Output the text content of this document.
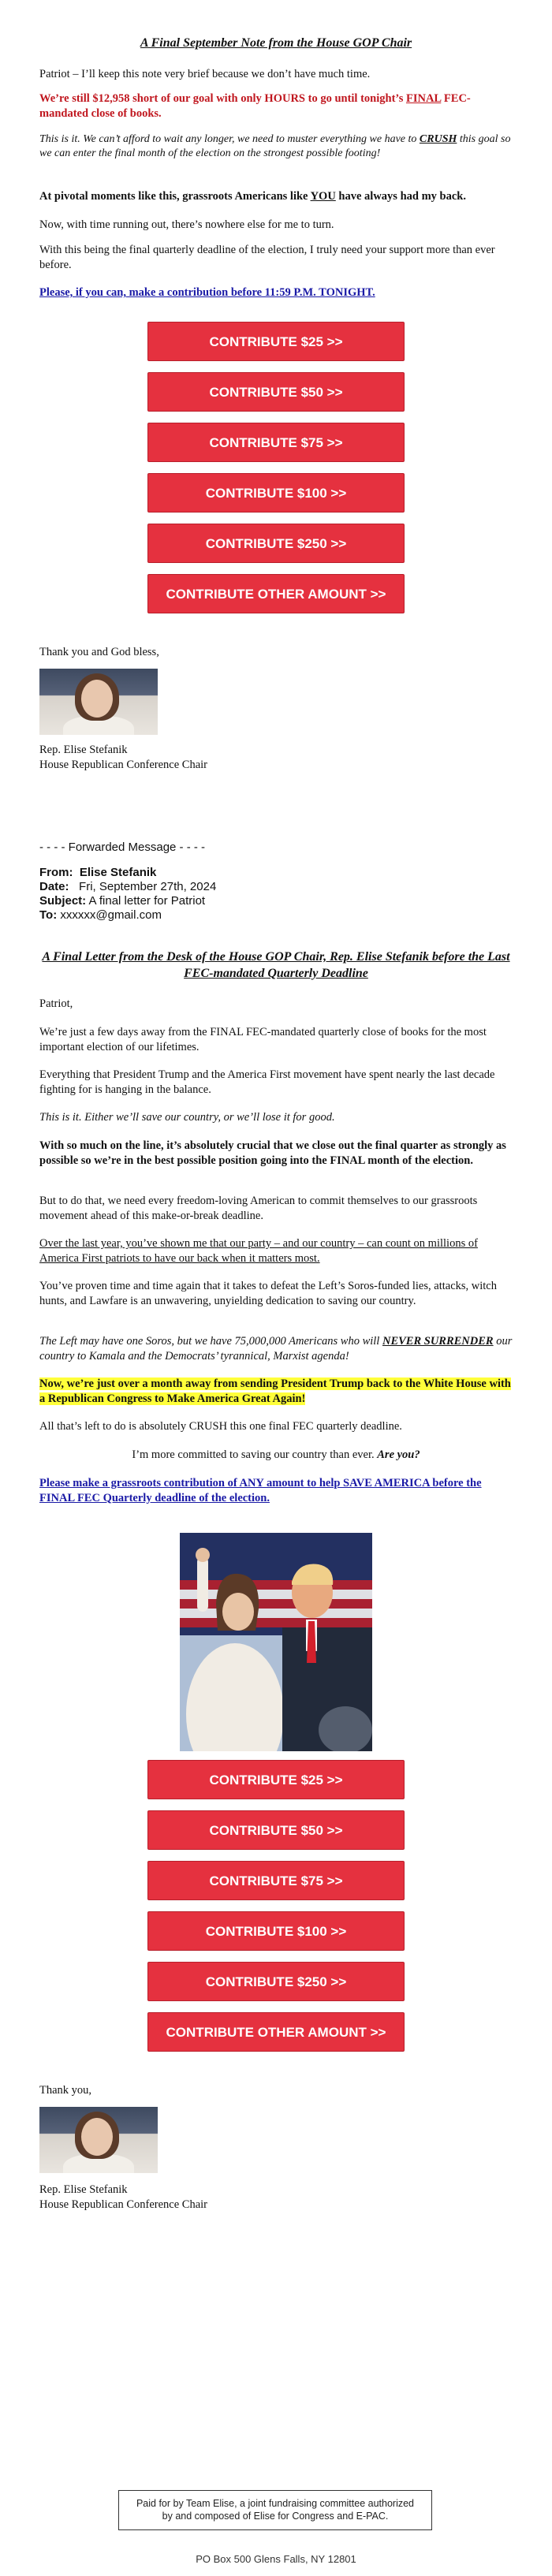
A Final September Note from the House GOP Chair

Patriot – I’ll keep this note very brief because we don’t have much time.

We’re still $12,958 short of our goal with only HOURS to go until tonight’s FINAL FEC-mandated close of books.

This is it. We can’t afford to wait any longer, we need to muster everything we have to CRUSH this goal so we can enter the final month of the election on the strongest possible footing!

At pivotal moments like this, grassroots Americans like YOU have always had my back.

Now, with time running out, there’s nowhere else for me to turn.

With this being the final quarterly deadline of the election, I truly need your support more than ever before.

Please, if you can, make a contribution before 11:59 P.M. TONIGHT.
CONTRIBUTE $25 >>
CONTRIBUTE $50 >>
CONTRIBUTE $75 >>
CONTRIBUTE $100 >>
CONTRIBUTE $250 >>
CONTRIBUTE OTHER AMOUNT >>

Thank you and God bless,

Rep. Elise Stefanik

House Republican Conference Chair

- - - - Forwarded Message - - - -

From: Elise Stefanik

Date: Fri, September 27th, 2024

Subject: A final letter for Patriot

To: xxxxxx@gmail.com

A Final Letter from the Desk of the House GOP Chair, Rep. Elise Stefanik before the Last FEC-mandated Quarterly Deadline

Patriot,

We’re just a few days away from the FINAL FEC-mandated quarterly close of books for the most important election of our lifetimes.

Everything that President Trump and the America First movement have spent nearly the last decade fighting for is hanging in the balance.

This is it. Either we’ll save our country, or we’ll lose it for good.

With so much on the line, it’s absolutely crucial that we close out the final quarter as strongly as possible so we’re in the best possible position going into the FINAL month of the election.

But to do that, we need every freedom-loving American to commit themselves to our grassroots movement ahead of this make-or-break deadline.

Over the last year, you’ve shown me that our party – and our country – can count on millions of America First patriots to have our back when it matters most.

You’ve proven time and time again that it takes to defeat the Left’s Soros-funded lies, attacks, witch hunts, and Lawfare is an unwavering, unyielding dedication to saving our country.

The Left may have one Soros, but we have 75,000,000 Americans who will NEVER SURRENDER our country to Kamala and the Democrats’ tyrannical, Marxist agenda!

Now, we’re just over a month away from sending President Trump back to the White House with a Republican Congress to Make America Great Again!

All that’s left to do is absolutely CRUSH this one final FEC quarterly deadline.

I’m more committed to saving our country than ever. Are you?

Please make a grassroots contribution of ANY amount to help SAVE AMERICA before the FINAL FEC Quarterly deadline of the election.
CONTRIBUTE $25 >>
CONTRIBUTE $50 >>
CONTRIBUTE $75 >>
CONTRIBUTE $100 >>
CONTRIBUTE $250 >>
CONTRIBUTE OTHER AMOUNT >>

Thank you,

Rep. Elise Stefanik

House Republican Conference Chair

Paid for by Team Elise, a joint fundraising committee authorized by and composed of Elise for Congress and E-PAC.
PO Box 500 Glens Falls, NY 12801
